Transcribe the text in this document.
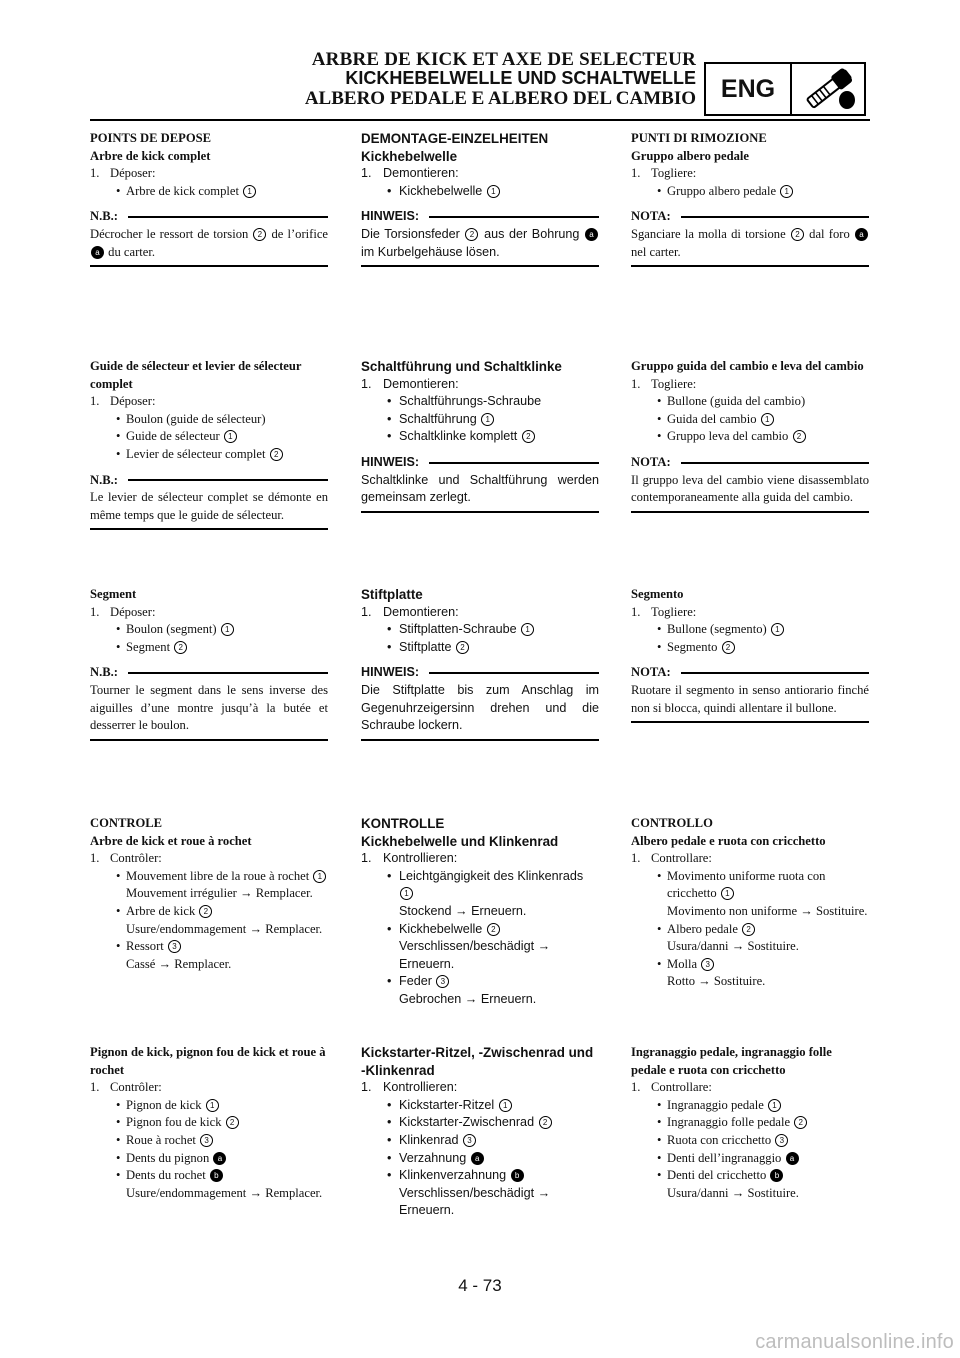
ARBRE DE KICK ET AXE DE SELECTEUR
KICKHEBELWELLE UND SCHALTWELLE
ALBERO PEDALE E ALBERO DEL CAMBIO ENG
POINTS DE DEPOSE
Arbre de kick complet
1. Déposer:
• Arbre de kick complet 1
N.B.:
Décrocher le ressort de torsion 2 de l’orifice a du carter.
Guide de sélecteur et levier de sélecteur complet
1. Déposer:
• Boulon (guide de sélecteur)
• Guide de sélecteur 1
• Levier de sélecteur complet 2
N.B.:
Le levier de sélecteur complet se démonte en même temps que le guide de sélecteur.
Segment
1. Déposer:
• Boulon (segment) 1
• Segment 2
N.B.:
Tourner le segment dans le sens inverse des aiguilles d’une montre jusqu’à la butée et desserrer le boulon.
CONTROLE
Arbre de kick et roue à rochet
1. Contrôler:
• Mouvement libre de la roue à rochet 1
Mouvement irrégulier → Remplacer.
• Arbre de kick 2
Usure/endommagement → Remplacer.
• Ressort 3
Cassé → Remplacer.
Pignon de kick, pignon fou de kick et roue à rochet
1. Contrôler:
• Pignon de kick 1
• Pignon fou de kick 2
• Roue à rochet 3
• Dents du pignon a
• Dents du rochet b
Usure/endommagement → Remplacer.
DEMONTAGE-EINZELHEITEN
Kickhebelwelle
1. Demontieren:
• Kickhebelwelle 1
HINWEIS:
Die Torsionsfeder 2 aus der Bohrung a im Kurbelgehäuse lösen.
Schaltführung und Schaltklinke
1. Demontieren:
• Schaltführungs-Schraube
• Schaltführung 1
• Schaltklinke komplett 2
HINWEIS:
Schaltklinke und Schaltführung werden gemeinsam zerlegt.
Stiftplatte
1. Demontieren:
• Stiftplatten-Schraube 1
• Stiftplatte 2
HINWEIS:
Die Stiftplatte bis zum Anschlag im Gegenuhrzeigersinn drehen und die Schraube lockern.
KONTROLLE
Kickhebelwelle und Klinkenrad
1. Kontrollieren:
• Leichtgängigkeit des Klinkenrads 1
Stockend → Erneuern.
• Kickhebelwelle 2
Verschlissen/beschädigt → Erneuern.
• Feder 3
Gebrochen → Erneuern.
Kickstarter-Ritzel, -Zwischenrad und -Klinkenrad
1. Kontrollieren:
• Kickstarter-Ritzel 1
• Kickstarter-Zwischenrad 2
• Klinkenrad 3
• Verzahnung a
• Klinkenverzahnung b
Verschlissen/beschädigt → Erneuern.
PUNTI DI RIMOZIONE
Gruppo albero pedale
1. Togliere:
• Gruppo albero pedale 1
NOTA:
Sganciare la molla di torsione 2 dal foro a nel carter.
Gruppo guida del cambio e leva del cambio
1. Togliere:
• Bullone (guida del cambio)
• Guida del cambio 1
• Gruppo leva del cambio 2
NOTA:
Il gruppo leva del cambio viene disassemblato contemporaneamente alla guida del cambio.
Segmento
1. Togliere:
• Bullone (segmento) 1
• Segmento 2
NOTA:
Ruotare il segmento in senso antiorario finché non si blocca, quindi allentare il bullone.
CONTROLLO
Albero pedale e ruota con cricchetto
1. Controllare:
• Movimento uniforme ruota con cricchetto 1
Movimento non uniforme → Sostituire.
• Albero pedale 2
Usura/danni → Sostituire.
• Molla 3
Rotto → Sostituire.
Ingranaggio pedale, ingranaggio folle pedale e ruota con cricchetto
1. Controllare:
• Ingranaggio pedale 1
• Ingranaggio folle pedale 2
• Ruota con cricchetto 3
• Denti dell’ingranaggio a
• Denti del cricchetto b
Usura/danni → Sostituire.
4 - 73
carmanualsonline.info
